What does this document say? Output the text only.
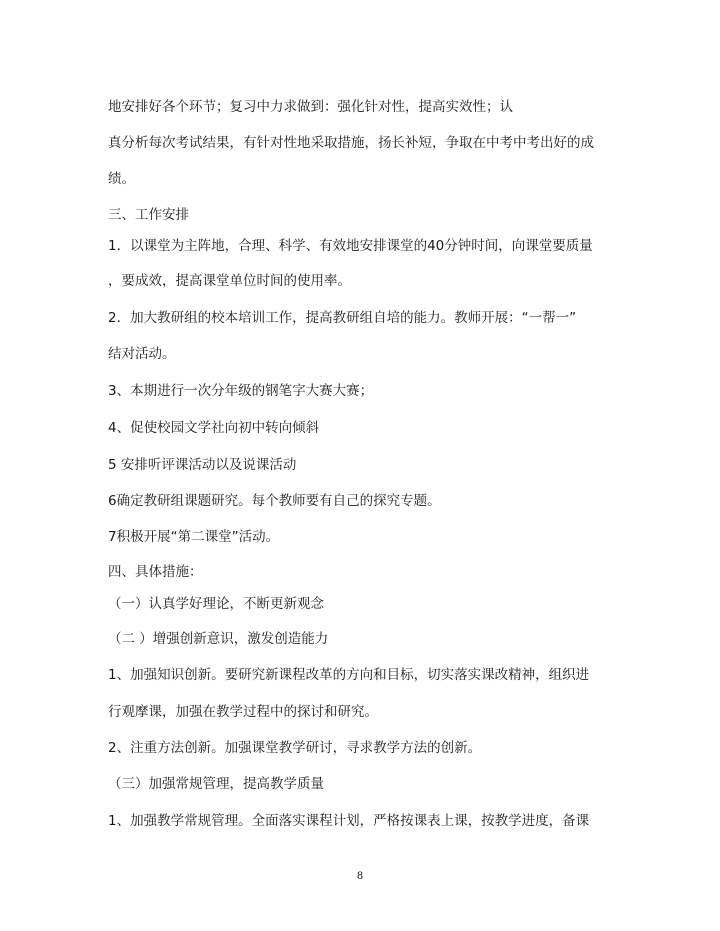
地安排好各个环节；复习中力求做到：强化针对性，提高实效性；认
真分析每次考试结果，有针对性地采取措施，扬长补短，争取在中考中考出好的成
绩。
三、工作安排
1．以课堂为主阵地，合理、科学、有效地安排课堂的40分钟时间，向课堂要质量
，要成效，提高课堂单位时间的使用率。
2．加大教研组的校本培训工作，提高教研组自培的能力。教师开展：“一帮一”
结对活动。
3、本期进行一次分年级的钢笔字大赛大赛；
4、促使校园文学社向初中转向倾斜
5 安排听评课活动以及说课活动
6确定教研组课题研究。每个教师要有自己的探究专题。
7积极开展“第二课堂”活动。
四、具体措施：
（一）认真学好理论，不断更新观念
（二 ）增强创新意识，激发创造能力
1、加强知识创新。要研究新课程改革的方向和目标，切实落实课改精神，组织进
行观摩课，加强在教学过程中的探讨和研究。
2、注重方法创新。加强课堂教学研讨，寻求教学方法的创新。
（三）加强常规管理，提高教学质量
1、加强教学常规管理。全面落实课程计划，严格按课表上课，按教学进度，备课
8
